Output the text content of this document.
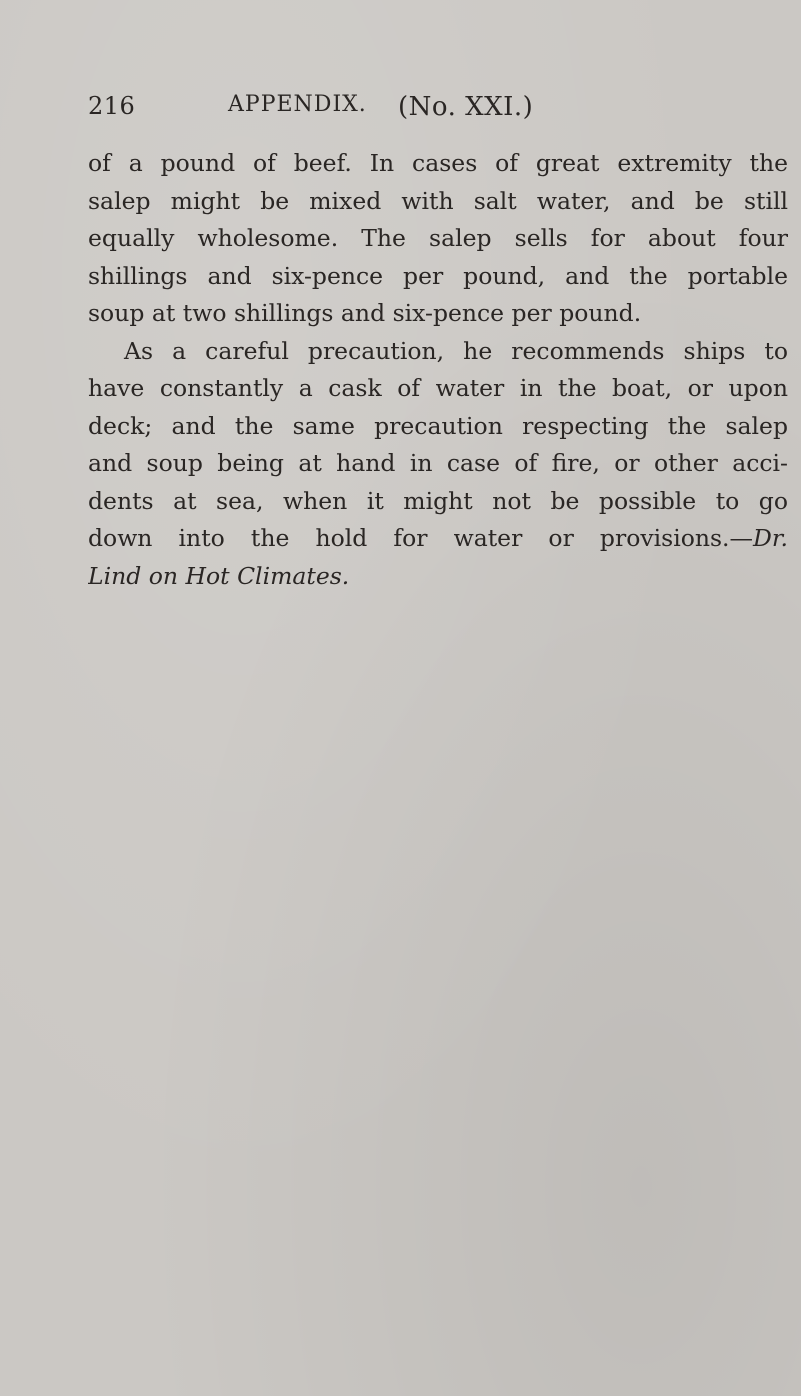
216	APPENDIX. (No. XXI.)
of a pound of beef. In cases of great extremity the
salep might be mixed with salt water, and be still
equally wholesome. The salep sells for about four
shillings and six-pence per pound, and the portable
soup at two shillings and six-pence per pound.
As a careful precaution, he recommends ships to
have constantly a cask of water in the boat, or upon
deck; and the same precaution respecting the salep
and soup being at hand in case of fire, or other acci-
dents at sea, when it might not be possible to go
down into the hold for water or provisions.—Dr.
Lind on Hot Climates.
